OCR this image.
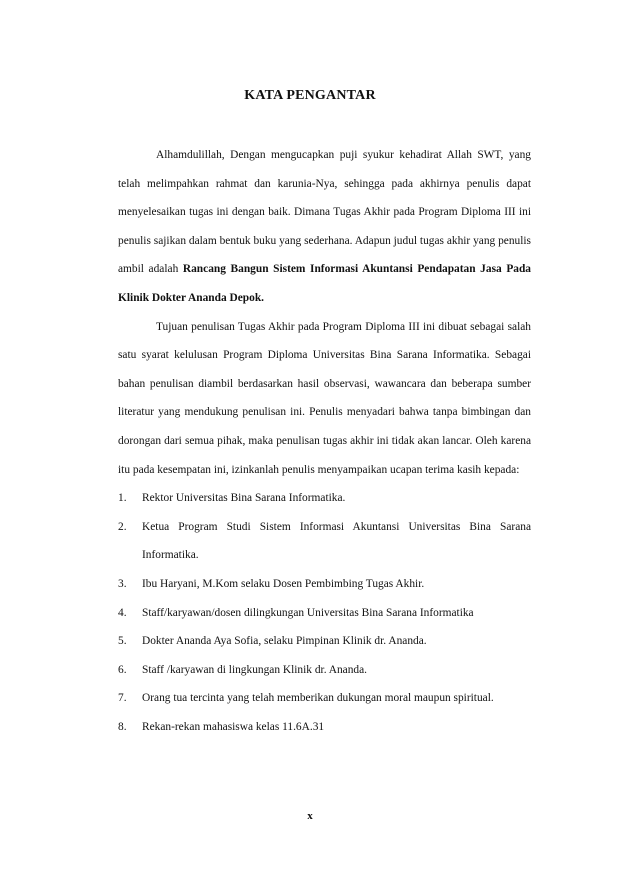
KATA PENGANTAR

Alhamdulillah, Dengan mengucapkan puji syukur kehadirat Allah SWT, yang telah melimpahkan rahmat dan karunia-Nya, sehingga pada akhirnya penulis dapat menyelesaikan tugas ini dengan baik. Dimana Tugas Akhir pada Program Diploma III ini penulis sajikan dalam bentuk buku yang sederhana. Adapun judul tugas akhir yang penulis ambil adalah Rancang Bangun Sistem Informasi Akuntansi Pendapatan Jasa Pada Klinik Dokter Ananda Depok.

Tujuan penulisan Tugas Akhir pada Program Diploma III ini dibuat sebagai salah satu syarat kelulusan Program Diploma Universitas Bina Sarana Informatika. Sebagai bahan penulisan diambil berdasarkan hasil observasi, wawancara dan beberapa sumber literatur yang mendukung penulisan ini. Penulis menyadari bahwa tanpa bimbingan dan dorongan dari semua pihak, maka penulisan tugas akhir ini tidak akan lancar. Oleh karena itu pada kesempatan ini, izinkanlah penulis menyampaikan ucapan terima kasih kepada:

1. Rektor Universitas Bina Sarana Informatika.
2. Ketua Program Studi Sistem Informasi Akuntansi Universitas Bina Sarana Informatika.
3. Ibu Haryani, M.Kom selaku Dosen Pembimbing Tugas Akhir.
4. Staff/karyawan/dosen dilingkungan Universitas Bina Sarana Informatika
5. Dokter Ananda Aya Sofia, selaku Pimpinan Klinik dr. Ananda.
6. Staff /karyawan di lingkungan Klinik dr. Ananda.
7. Orang tua tercinta yang telah memberikan dukungan moral maupun spiritual.
8. Rekan-rekan mahasiswa kelas 11.6A.31
x
